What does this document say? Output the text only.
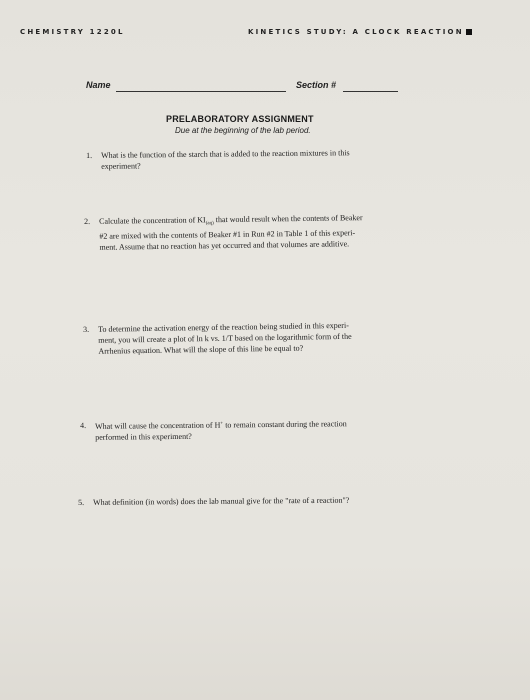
CHEMISTRY 1220L	KINETICS STUDY: A CLOCK REACTION
Name	Section #
PRELABORATORY ASSIGNMENT
Due at the beginning of the lab period.
1. What is the function of the starch that is added to the reaction mixtures in this
experiment?
2. Calculate the concentration of $KI_{(aq)}$ that would result when the contents of Beaker
#2 are mixed with the contents of Beaker #1 in Run #2 in Table 1 of this experi-
ment. Assume that no reaction has yet occurred and that volumes are additive.
3. To determine the activation energy of the reaction being studied in this experi-
ment, you will create a plot of ln k vs. 1/T based on the logarithmic form of the
Arrhenius equation. What will the slope of this line be equal to?
4. What will cause the concentration of H+ to remain constant during the reaction
performed in this experiment?
5. What definition (in words) does the lab manual give for the "rate of a reaction"?
